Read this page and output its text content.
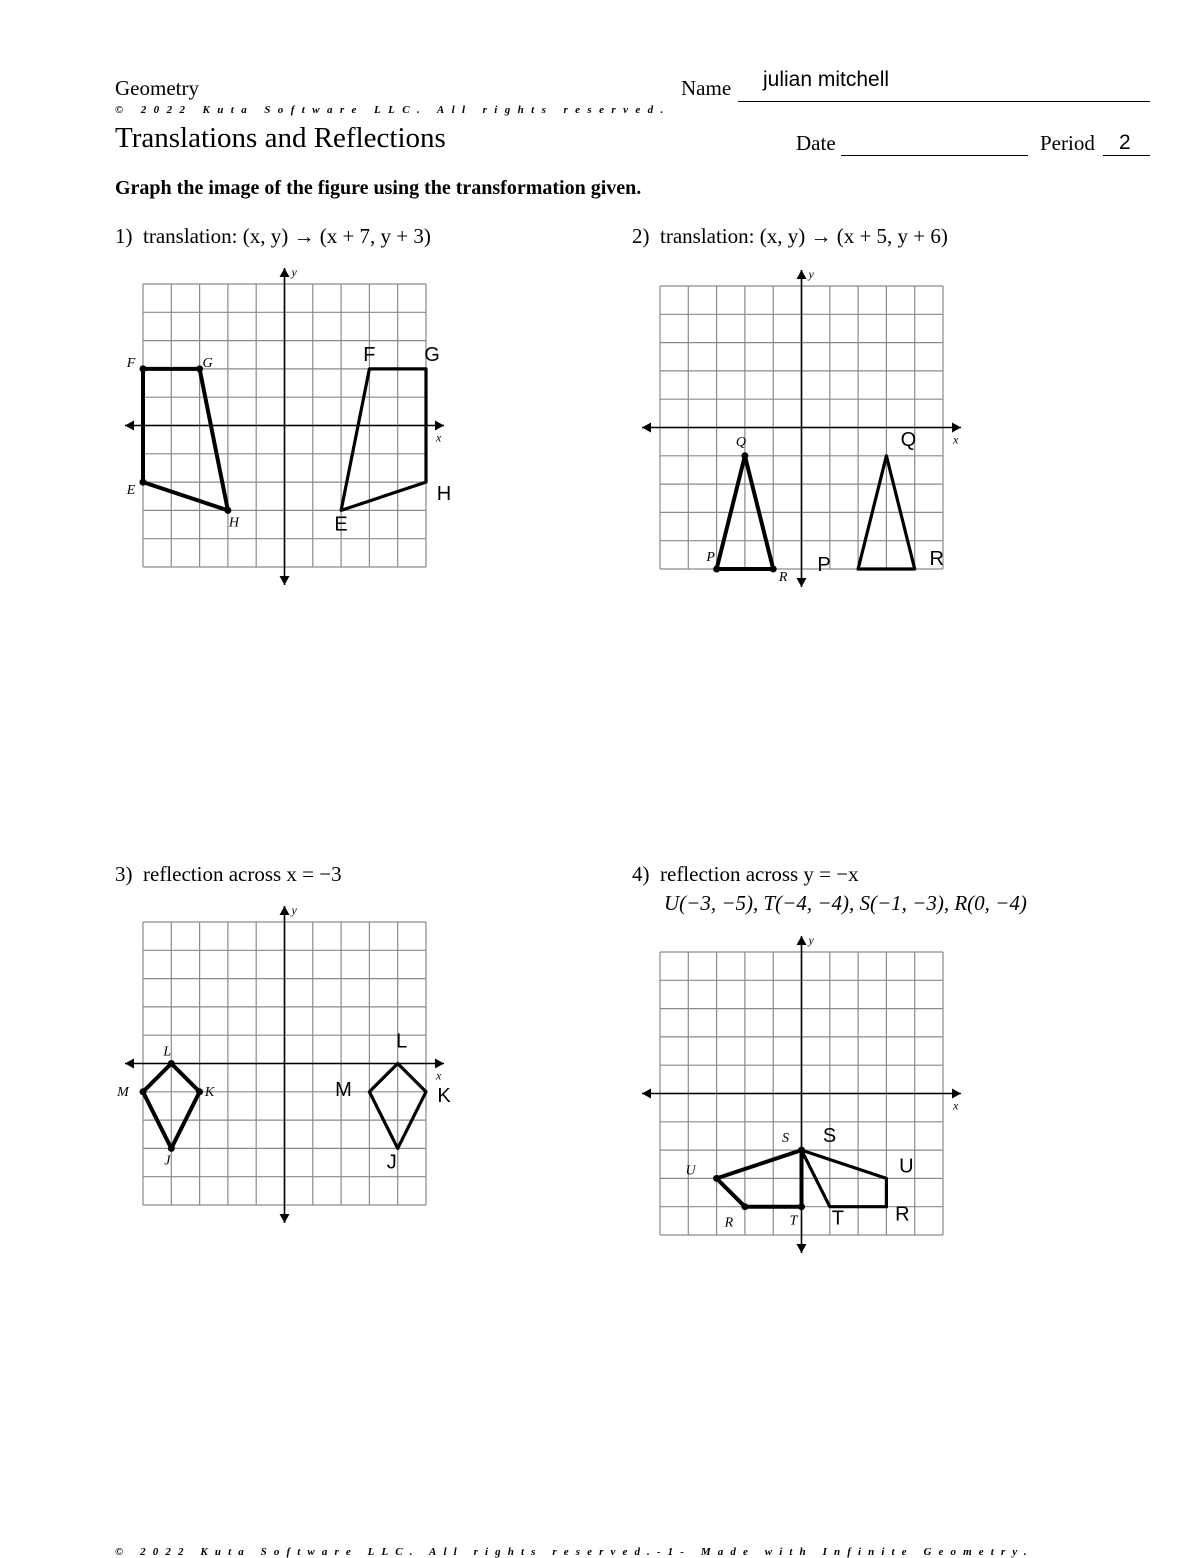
Geometry	Name julian mitchell
© 2022 Kuta Software LLC. All rights reserved.
Translations and Reflections	Date	Period 2
Graph the image of the figure using the transformation given.
1) translation: (x, y) → (x + 7, y + 3)	2) translation: (x, y) → (x + 5, y + 6)
3) reflection across x = −3	4) reflection across y = −x
U(−3, −5), T(−4, −4), S(−1, −3), R(0, −4)
x
y
F	G
H
E
F G
H
E
x
y
P
Q
R
P
Q
R
x
y
L
K
J
M
L
K
J
M
x
y
U
R	T
S S
U
R
T
© 2022 Kuta Software LLC. All rights reserved.-1- Made with Infinite Geometry.
